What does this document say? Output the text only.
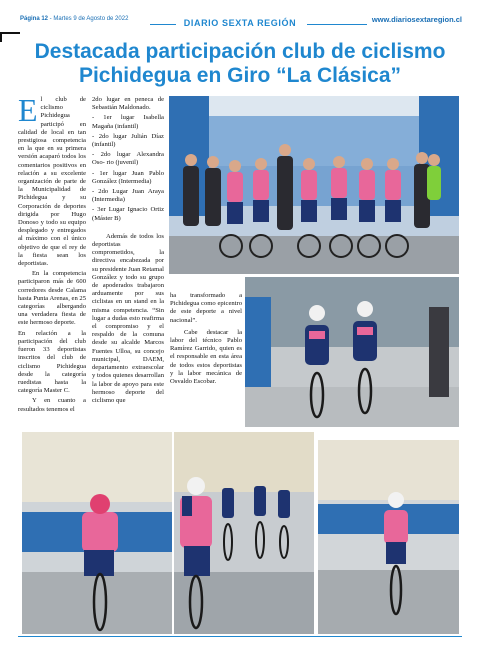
Página 12 - Martes 9 de Agosto de 2022	DIARIO SEXTA REGIÓN	www.diariosextaregion.cl
Destacada participación club de ciclismo
Pichidegua en Giro “La Clásica”

El club de ciclismo Pichidegua participó en calidad de local en tan prestigiosa competencia en la que en su primera versión acaparó todos los comentarios positivos en relación a su excelente organización de parte de la Municipalidad de Pichidegua y su Corporación de deportes dirigida por Hugo Donoso y todo su equipo desplegado y entregados al máximo con el único objetivo de que el rey de la fiesta sean los deportistas.

En la competencia participaron más de 600 corredores desde Calama hasta Punta Arenas, en 25 categorías albergando una verdadera fiesta de este hermoso deporte.

En relación a la participación del club fueron 33 deportistas inscritos del club de ciclismo Pichidegua desde la categoría ruedistas hasta la categoría Master C.

Y en cuanto a resultados tenemos el

2do lugar en peneca de Sebastián Maldonado.

- 1er lugar Isabella Magaña (infantil)

- 2do lugar Julián Díaz (infantil)

- 2do lugar Alexandra Oso- rio (juvenil)

- 1er lugar Juan Pablo González (Intermedia)

- 2do Lugar Juan Araya (Intermedia)

- 3er Lugar Ignacio Ortiz (Máster B)

Además de todos los deportistas comprometidos, la directiva encabezada por su presidente Juan Retamal González y todo su grupo de apoderados trabajaron arduamente por sus ciclistas en un stand en la misma competencia. “Sin lugar a dudas esto reafirma el compromiso y el respaldo de la comuna desde su alcalde Marcos Fuentes Ulloa, su concejo municipal, DAEM, departamento extraescolar y todos quienes desarrollan la labor de apoyo para este hermoso deporte del ciclismo que

ha transformado a Pichidegua como epicentro de este deporte a nivel nacional”.

Cabe destacar la labor del técnico Pablo Ramírez Garrido, quien es el responsable en esta área de todos estos deportistas y la labor mecánica de Osvaldo Escobar.
